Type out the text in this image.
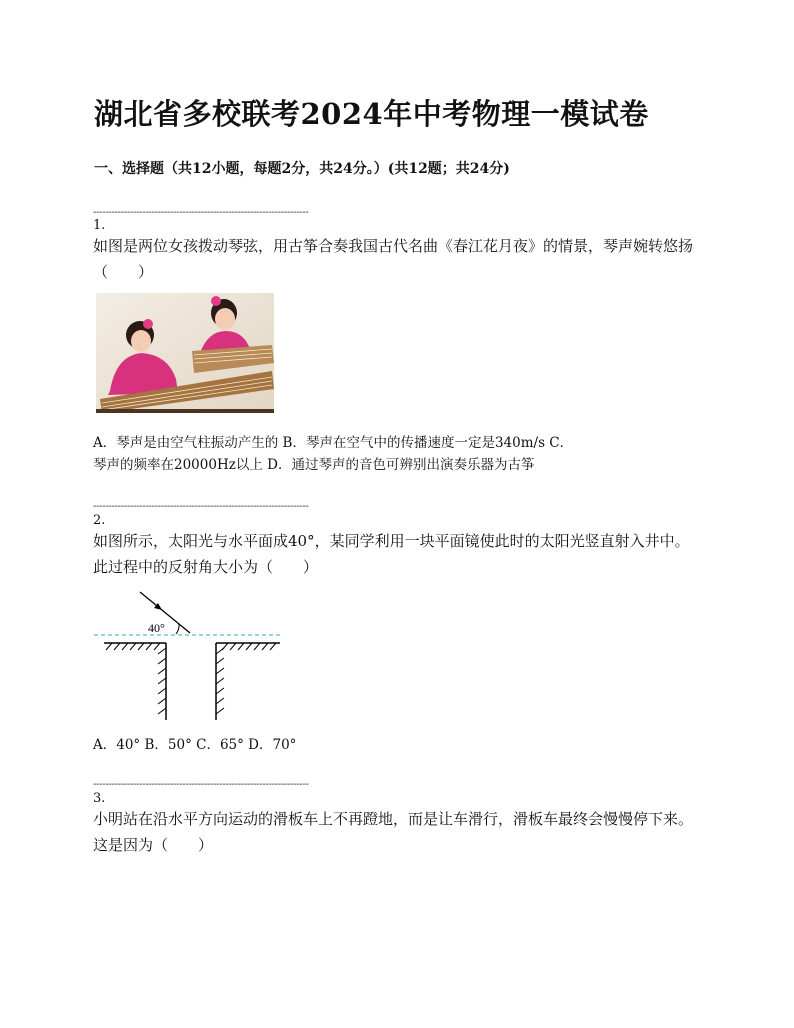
湖北省多校联考2024年中考物理一模试卷
一、选择题（共12小题，每题2分，共24分。）(共12题；共24分)
----------------------------------------------------------------------
1.
如图是两位女孩拨动琴弦，用古筝合奏我国古代名曲《春江花月夜》的情景，琴声婉转悠扬（　　）
A．琴声是由空气柱振动产生的 B．琴声在空气中的传播速度一定是340m/s C．
琴声的频率在20000Hz以上 D．通过琴声的音色可辨别出演奏乐器为古筝
----------------------------------------------------------------------
2.
如图所示，太阳光与水平面成40°，某同学利用一块平面镜使此时的太阳光竖直射入井中。此过程中的反射角大小为（　　）
40°
A．40° B．50° C．65° D．70°
----------------------------------------------------------------------
3.
小明站在沿水平方向运动的滑板车上不再蹬地，而是让车滑行，滑板车最终会慢慢停下来。这是因为（　　）
